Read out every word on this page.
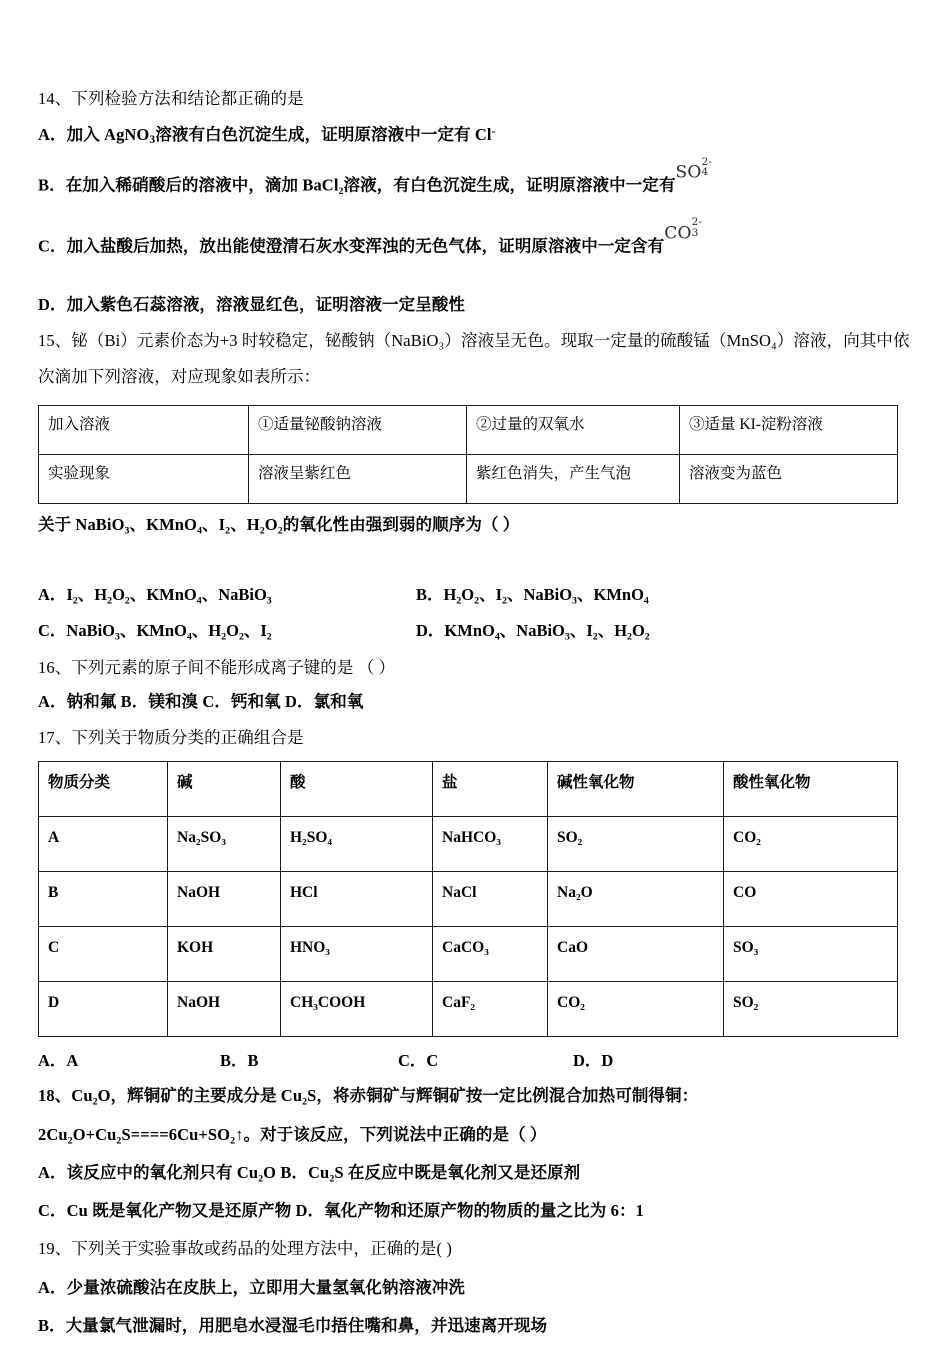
14、下列检验方法和结论都正确的是
A．加入 AgNO$_3$溶液有白色沉淀生成，证明原溶液中一定有 Cl-
B．在加入稀硝酸后的溶液中，滴加 BaCl₂溶液，有白色沉淀生成，证明原溶液中一定有SO
2-
4
C．加入盐酸后加热，放出能使澄清石灰水变浑浊的无色气体，证明原溶液中一定含有CO
2-
3
D．加入紫色石蕊溶液，溶液显红色，证明溶液一定呈酸性
15、铋（Bi）元素价态为+3 时较稳定，铋酸钠（NaBiO₃）溶液呈无色。现取一定量的硫酸锰（MnSO₄）溶液，向其中依
次滴加下列溶液，对应现象如表所示：
加入溶液	①适量铋酸钠溶液	②过量的双氧水	③适量 KI-淀粉溶液
实验现象	溶液呈紫红色	紫红色消失，产生气泡	溶液变为蓝色
关于 NaBiO₃、KMnO₄、I₂、H₂O₂的氧化性由强到弱的顺序为（ ）
A．I₂、H₂O₂、KMnO₄、NaBiO₃	B．H₂O₂、I₂、NaBiO₃、KMnO₄
C．NaBiO₃、KMnO₄、H₂O₂、I₂	D．KMnO₄、NaBiO₃、I₂、H₂O₂
16、下列元素的原子间不能形成离子键的是 （ ）
A．钠和氟 B．镁和溴 C．钙和氧 D．氯和氧
17、下列关于物质分类的正确组合是
物质分类	碱	酸	盐	碱性氧化物	酸性氧化物
A	Na₂SO₃	H₂SO₄	NaHCO₃	SO₂	CO₂
B	NaOH	HCl	NaCl	Na₂O	CO
C	KOH	HNO₃	CaCO₃	CaO	SO₃
D	NaOH	CH₃COOH	CaF₂	CO₂	SO₂
A．A	B．B	C．C	D．D
18、Cu₂O，辉铜矿的主要成分是 Cu₂S，将赤铜矿与辉铜矿按一定比例混合加热可制得铜：
2Cu₂O+Cu₂S====6Cu+SO₂↑。对于该反应，下列说法中正确的是（ ）
A．该反应中的氧化剂只有 Cu₂O B．Cu₂S 在反应中既是氧化剂又是还原剂
C．Cu 既是氧化产物又是还原产物 D．氧化产物和还原产物的物质的量之比为 6：1
19、下列关于实验事故或药品的处理方法中，正确的是( )
A．少量浓硫酸沾在皮肤上，立即用大量氢氧化钠溶液冲洗
B．大量氯气泄漏时，用肥皂水浸湿毛巾捂住嘴和鼻，并迅速离开现场
